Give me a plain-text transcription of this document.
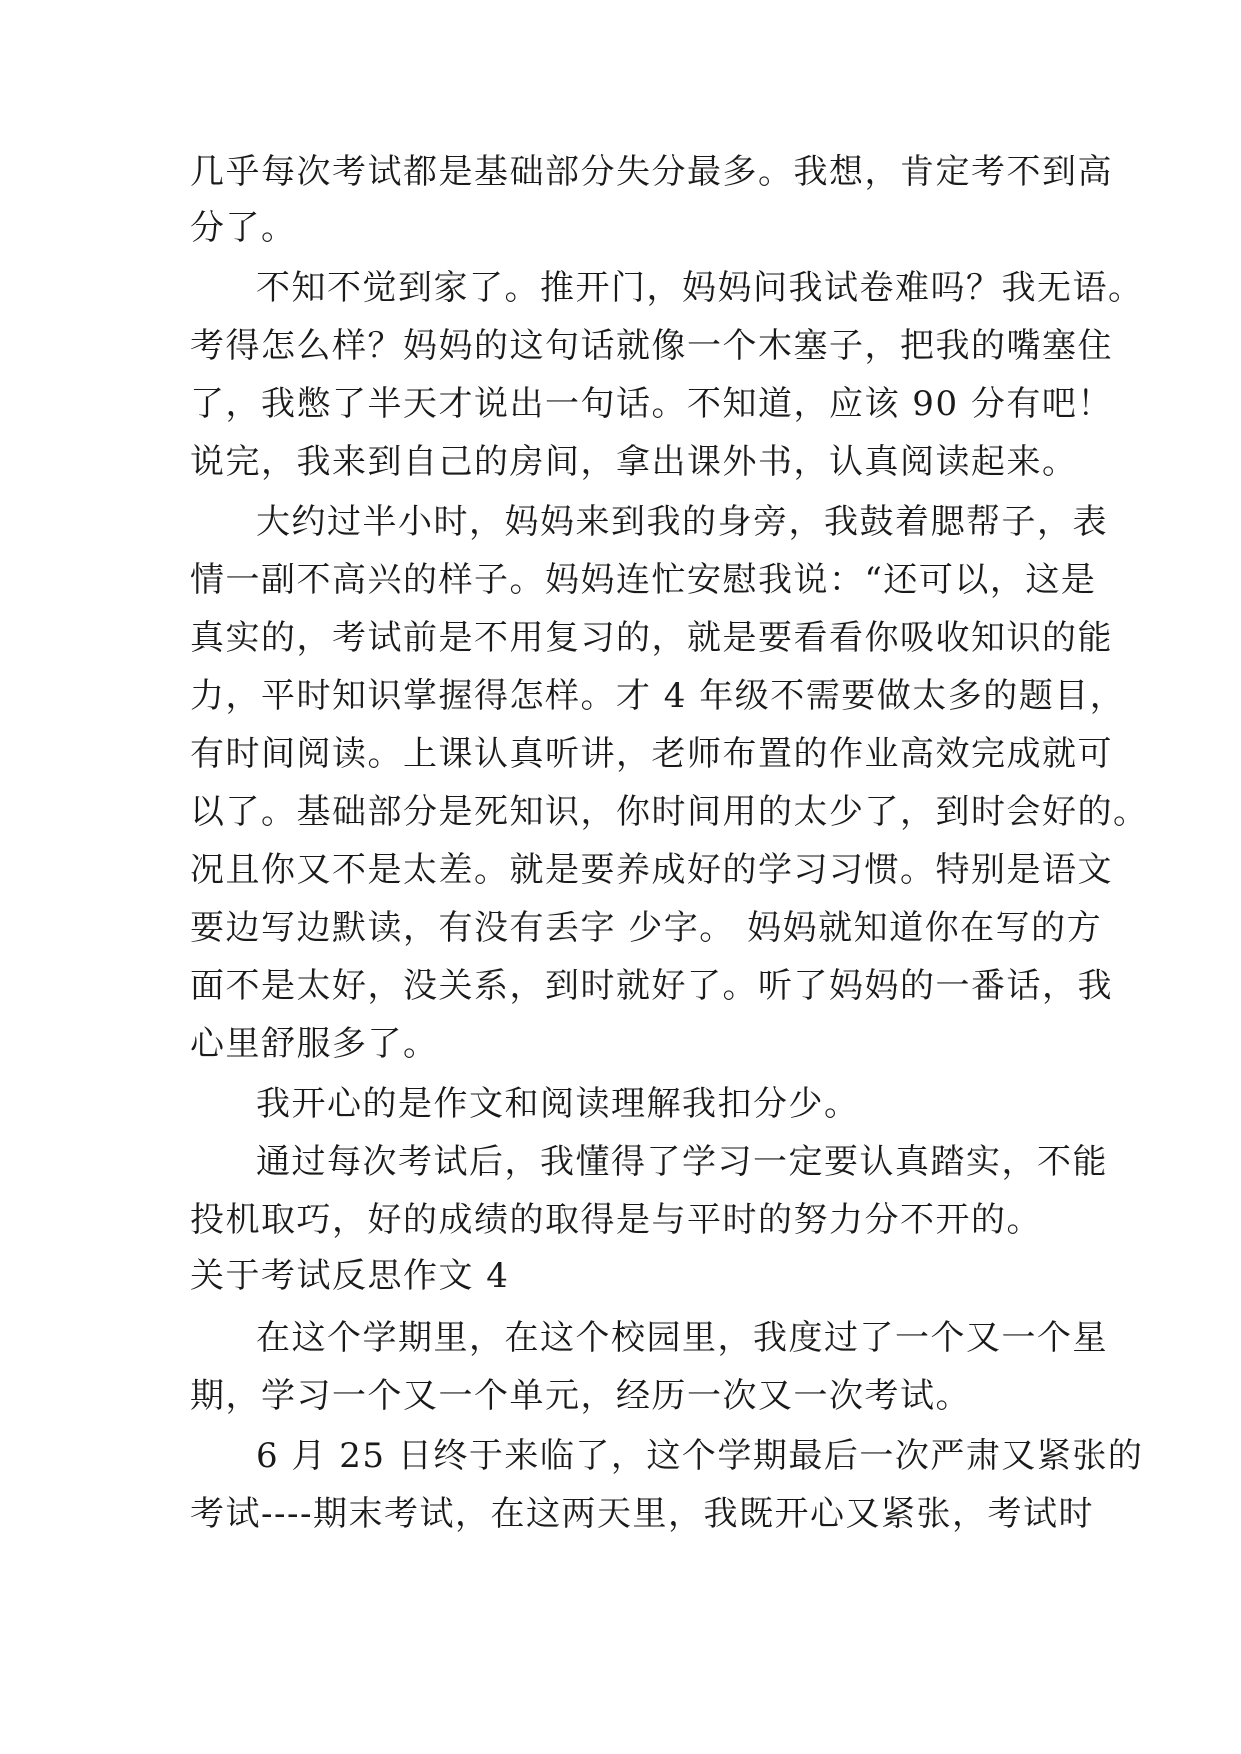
几乎每次考试都是基础部分失分最多。我想，肯定考不到高
分了。
不知不觉到家了。推开门，妈妈问我试卷难吗？我无语。
考得怎么样？妈妈的这句话就像一个木塞子，把我的嘴塞住
了，我憋了半天才说出一句话。不知道，应该 90 分有吧！
说完，我来到自己的房间，拿出课外书，认真阅读起来。
大约过半小时，妈妈来到我的身旁，我鼓着腮帮子，表
情一副不高兴的样子。妈妈连忙安慰我说：“还可以，这是
真实的，考试前是不用复习的，就是要看看你吸收知识的能
力，平时知识掌握得怎样。才 4 年级不需要做太多的题目，
有时间阅读。上课认真听讲，老师布置的作业高效完成就可
以了。基础部分是死知识，你时间用的太少了，到时会好的。
况且你又不是太差。就是要养成好的学习习惯。特别是语文
要边写边默读，有没有丢字 少字。 妈妈就知道你在写的方
面不是太好，没关系，到时就好了。听了妈妈的一番话，我
心里舒服多了。
我开心的是作文和阅读理解我扣分少。
通过每次考试后，我懂得了学习一定要认真踏实，不能
投机取巧，好的成绩的取得是与平时的努力分不开的。
关于考试反思作文 4
在这个学期里，在这个校园里，我度过了一个又一个星
期，学习一个又一个单元，经历一次又一次考试。
6 月 25 日终于来临了，这个学期最后一次严肃又紧张的
考试----期末考试，在这两天里，我既开心又紧张，考试时
